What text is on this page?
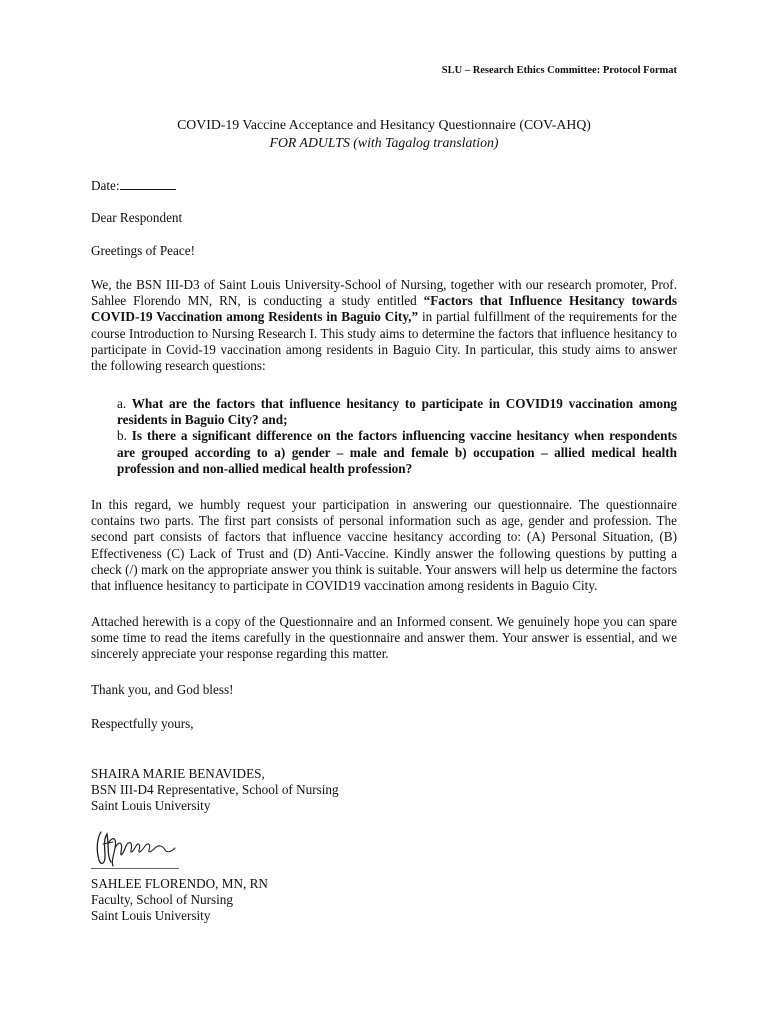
SLU – Research Ethics Committee: Protocol Format
COVID-19 Vaccine Acceptance and Hesitancy Questionnaire (COV-AHQ)
FOR ADULTS (with Tagalog translation)
Date:
Dear Respondent
Greetings of Peace!
We, the BSN III-D3 of Saint Louis University-School of Nursing, together with our research promoter, Prof. Sahlee Florendo MN, RN, is conducting a study entitled “Factors that Influence Hesitancy towards COVID-19 Vaccination among Residents in Baguio City,” in partial fulfillment of the requirements for the course Introduction to Nursing Research I. This study aims to determine the factors that influence hesitancy to participate in Covid-19 vaccination among residents in Baguio City. In particular, this study aims to answer the following research questions:
a. What are the factors that influence hesitancy to participate in COVID19 vaccination among residents in Baguio City? and;
b. Is there a significant difference on the factors influencing vaccine hesitancy when respondents are grouped according to a) gender – male and female b) occupation – allied medical health profession and non-allied medical health profession?
In this regard, we humbly request your participation in answering our questionnaire. The questionnaire contains two parts. The first part consists of personal information such as age, gender and profession. The second part consists of factors that influence vaccine hesitancy according to: (A) Personal Situation, (B) Effectiveness (C) Lack of Trust and (D) Anti-Vaccine. Kindly answer the following questions by putting a check (/) mark on the appropriate answer you think is suitable. Your answers will help us determine the factors that influence hesitancy to participate in COVID19 vaccination among residents in Baguio City.
Attached herewith is a copy of the Questionnaire and an Informed consent. We genuinely hope you can spare some time to read the items carefully in the questionnaire and answer them. Your answer is essential, and we sincerely appreciate your response regarding this matter.
Thank you, and God bless!
Respectfully yours,
SHAIRA MARIE BENAVIDES,
BSN III-D4 Representative, School of Nursing
Saint Louis University
SAHLEE FLORENDO, MN, RN
Faculty, School of Nursing
Saint Louis University
